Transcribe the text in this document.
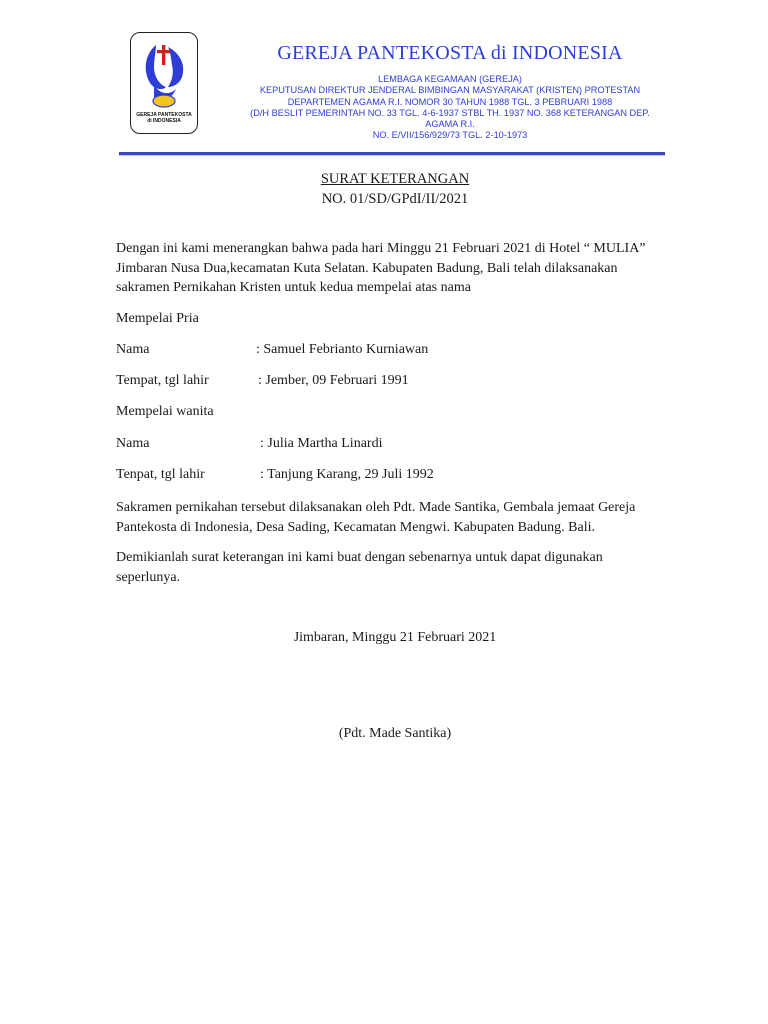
GEREJA PANTEKOSTA
di INDONESIA
GEREJA PANTEKOSTA di INDONESIA
LEMBAGA KEGAMAAN (GEREJA)
KEPUTUSAN DIREKTUR JENDERAL BIMBINGAN MASYARAKAT (KRISTEN) PROTESTAN
DEPARTEMEN AGAMA R.I. NOMOR 30 TAHUN 1988 TGL. 3 PEBRUARI 1988
(D/H BESLIT PEMERINTAH NO. 33 TGL. 4-6-1937 STBL TH. 1937 NO. 368 KETERANGAN DEP.
AGAMA R.I.
NO. E/VII/156/929/73 TGL. 2-10-1973
SURAT KETERANGAN
NO. 01/SD/GPdI/II/2021
Dengan ini kami menerangkan bahwa pada hari Minggu 21 Februari 2021 di Hotel “ MULIA” Jimbaran Nusa Dua,kecamatan Kuta Selatan. Kabupaten Badung, Bali telah dilaksanakan sakramen Pernikahan Kristen untuk kedua mempelai atas nama
Mempelai Pria
Nama	: Samuel Febrianto Kurniawan
Tempat, tgl lahir	: Jember, 09 Februari 1991
Mempelai wanita
Nama	: Julia Martha Linardi
Tenpat, tgl lahir	: Tanjung Karang, 29 Juli 1992
Sakramen pernikahan tersebut dilaksanakan oleh Pdt. Made Santika, Gembala jemaat Gereja Pantekosta di Indonesia, Desa Sading, Kecamatan Mengwi. Kabupaten Badung. Bali.
Demikianlah surat keterangan ini kami buat dengan sebenarnya untuk dapat digunakan seperlunya.
Jimbaran, Minggu 21 Februari 2021
(Pdt. Made Santika)
